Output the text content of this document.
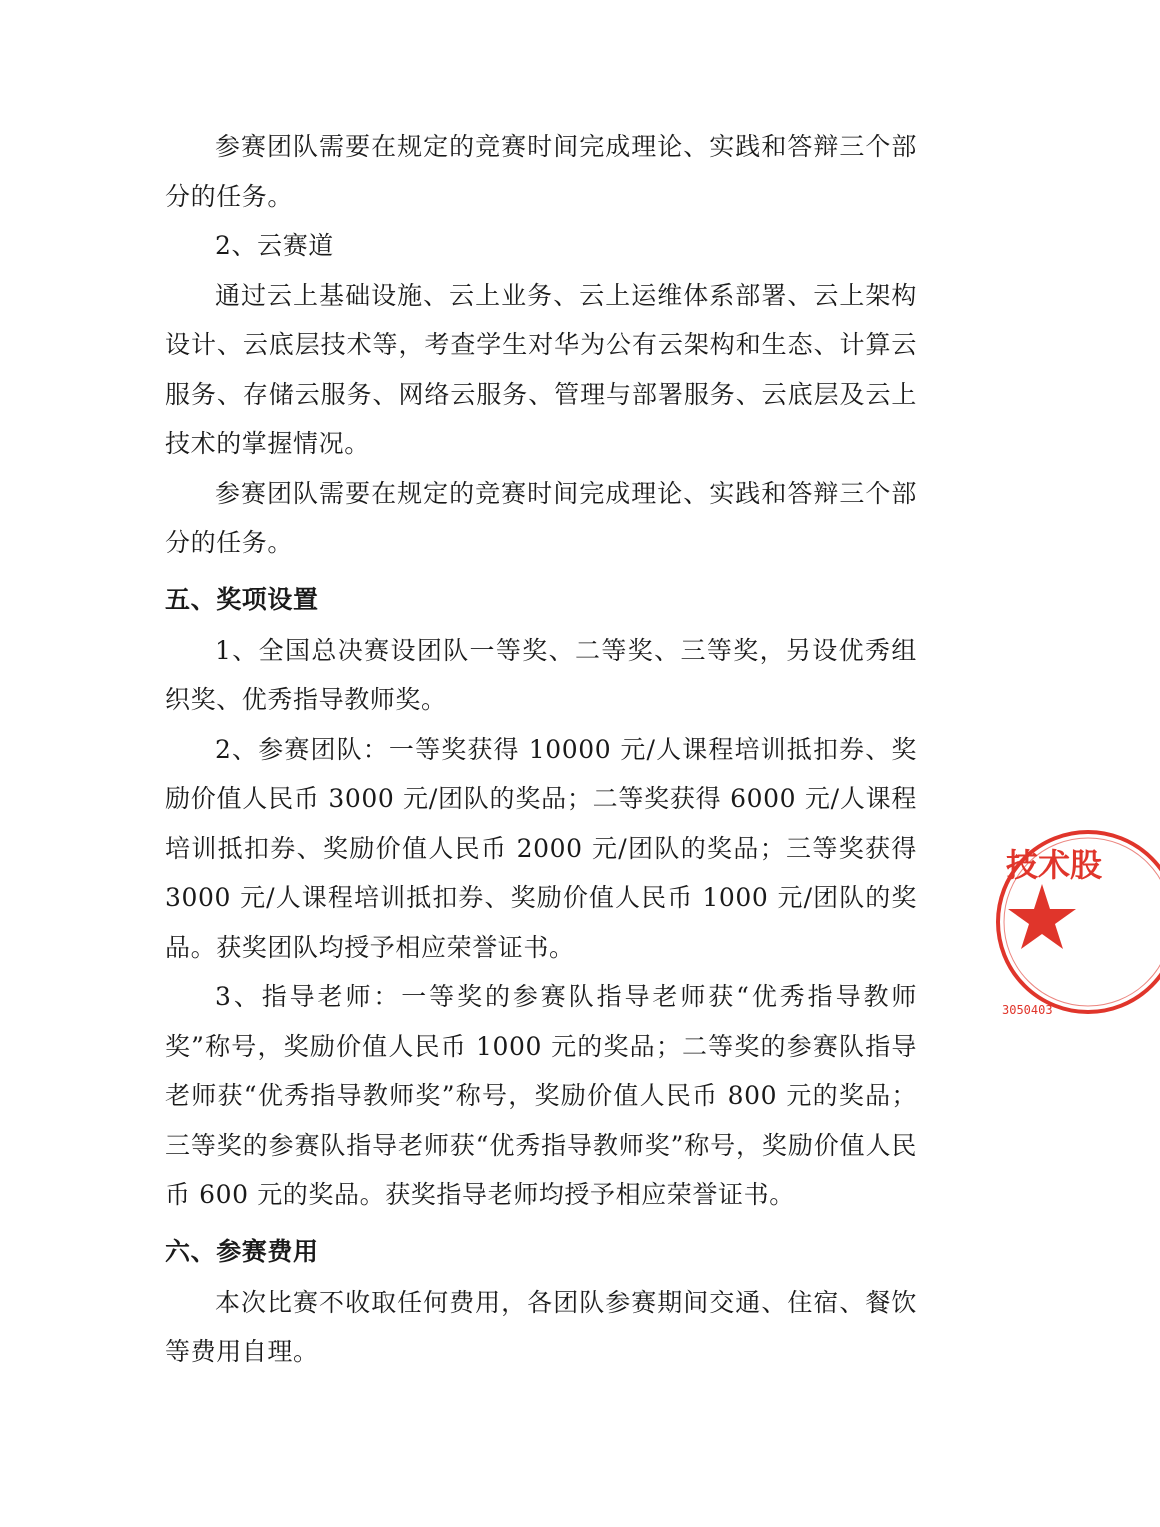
参赛团队需要在规定的竞赛时间完成理论、实践和答辩三个部分的任务。

2、云赛道

通过云上基础设施、云上业务、云上运维体系部署、云上架构设计、云底层技术等，考查学生对华为公有云架构和生态、计算云服务、存储云服务、网络云服务、管理与部署服务、云底层及云上技术的掌握情况。

参赛团队需要在规定的竞赛时间完成理论、实践和答辩三个部分的任务。

五、奖项设置

1、全国总决赛设团队一等奖、二等奖、三等奖，另设优秀组织奖、优秀指导教师奖。

2、参赛团队：一等奖获得 10000 元/人课程培训抵扣券、奖励价值人民币 3000 元/团队的奖品；二等奖获得 6000 元/人课程培训抵扣券、奖励价值人民币 2000 元/团队的奖品；三等奖获得 3000 元/人课程培训抵扣券、奖励价值人民币 1000 元/团队的奖品。获奖团队均授予相应荣誉证书。

3、指导老师：一等奖的参赛队指导老师获“优秀指导教师奖”称号，奖励价值人民币 1000 元的奖品；二等奖的参赛队指导老师获“优秀指导教师奖”称号，奖励价值人民币 800 元的奖品；三等奖的参赛队指导老师获“优秀指导教师奖”称号，奖励价值人民币 600 元的奖品。获奖指导老师均授予相应荣誉证书。

六、参赛费用

本次比赛不收取任何费用，各团队参赛期间交通、住宿、餐饮等费用自理。

技术股
3050403
